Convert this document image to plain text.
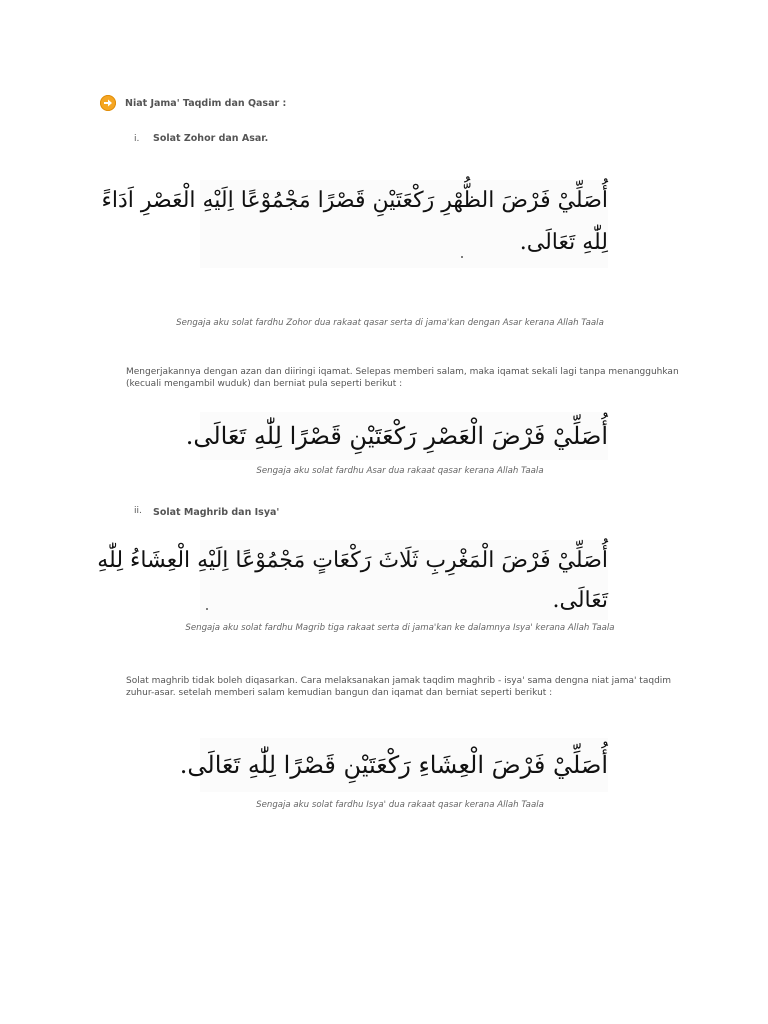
Niat Jama' Taqdim dan Qasar :
i. Solat Zohor dan Asar.
أُصَلِّيْ فَرْضَ الظُّهْرِ رَكْعَتَيْنِ قَصْرًا مَجْمُوْعًا اِلَيْهِ الْعَصْرِ اَدَاءً
لِلّٰهِ تَعَالَى.
Sengaja aku solat fardhu Zohor dua rakaat qasar serta di jama'kan dengan Asar kerana Allah Taala
Mengerjakannya dengan azan dan diiringi iqamat. Selepas memberi salam, maka iqamat sekali lagi tanpa menangguhkan (kecuali mengambil wuduk) dan berniat pula seperti berikut :
أُصَلِّيْ فَرْضَ الْعَصْرِ رَكْعَتَيْنِ قَصْرًا لِلّٰهِ تَعَالَى.
Sengaja aku solat fardhu Asar dua rakaat qasar kerana Allah Taala
ii. Solat Maghrib dan Isya'
أُصَلِّيْ فَرْضَ الْمَغْرِبِ ثَلَاثَ رَكْعَاتٍ مَجْمُوْعًا اِلَيْهِ الْعِشَاءُ لِلّٰهِ
تَعَالَى.
Sengaja aku solat fardhu Magrib tiga rakaat serta di jama'kan ke dalamnya Isya' kerana Allah Taala
Solat maghrib tidak boleh diqasarkan. Cara melaksanakan jamak taqdim maghrib - isya' sama dengna niat jama' taqdim zuhur-asar. setelah memberi salam kemudian bangun dan iqamat dan berniat seperti berikut :
أُصَلِّيْ فَرْضَ الْعِشَاءِ رَكْعَتَيْنِ قَصْرًا لِلّٰهِ تَعَالَى.
Sengaja aku solat fardhu Isya' dua rakaat qasar kerana Allah Taala
